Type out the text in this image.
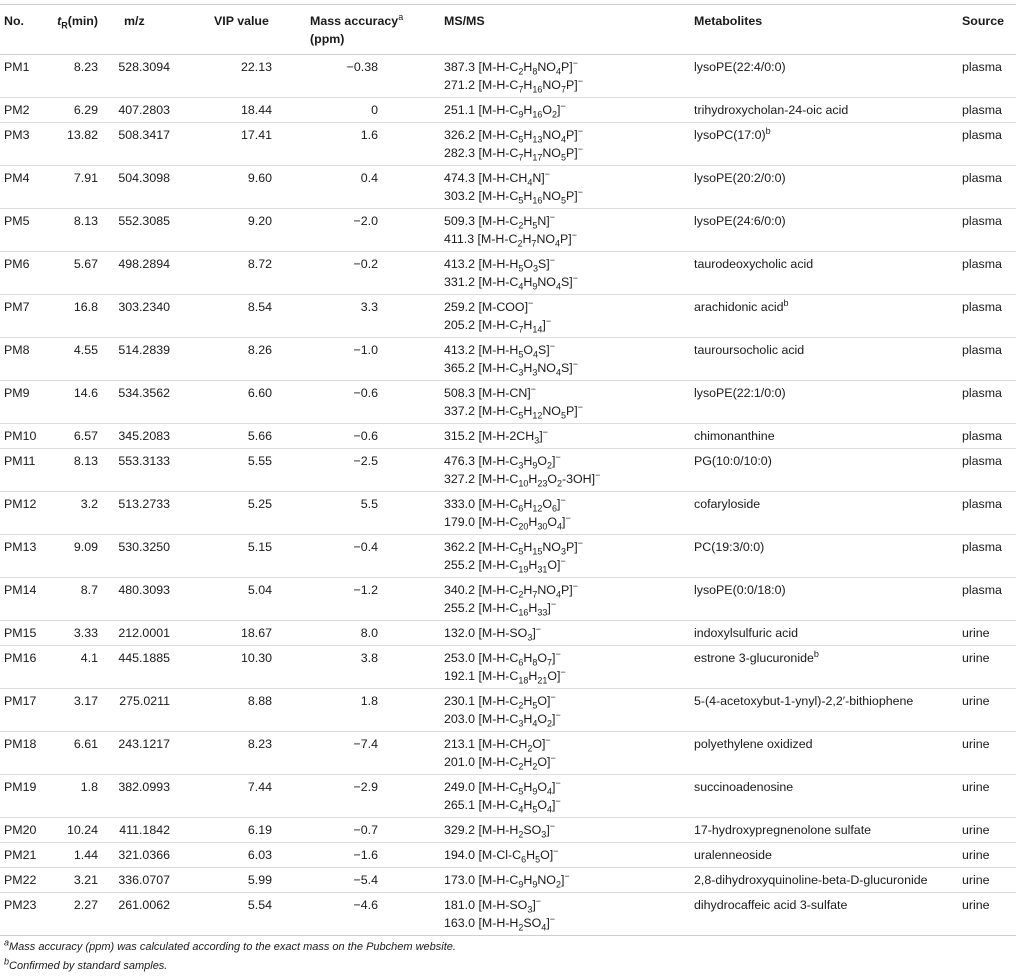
No.	$t_R(\min)$	m/z	VIP value	Mass accuracy$^a$
(ppm)	MS/MS	Metabolites	Source
PM1	8.23	528.3094	22.13	−0.38	387.3 $[M-H-C_2H_8NO_4P]^-$
271.2 $[M-H-C_7H_{16}NO_7P]^-$	lysoPE(22:4/0:0)	plasma
PM2	6.29	407.2803	18.44	0	251.1 $[M-H-C_9H_{16}O_2]^-$	trihydroxycholan-24-oic acid	plasma
PM3	13.82	508.3417	17.41	1.6	326.2 $[M-H-C_5H_{13}NO_4P]^-$
282.3 $[M-H-C_7H_{17}NO_5P]^-$	lysoPC(17:0)$^b$	plasma
PM4	7.91	504.3098	9.60	0.4	474.3 $[M-H-CH_4N]^-$
303.2 $[M-H-C_5H_{16}NO_5P]^-$	lysoPE(20:2/0:0)	plasma
PM5	8.13	552.3085	9.20	−2.0	509.3 $[M-H-C_2H_5N]^-$
411.3 $[M-H-C_2H_7NO_4P]^-$	lysoPE(24:6/0:0)	plasma
PM6	5.67	498.2894	8.72	−0.2	413.2 $[M-H-H_5O_3S]^-$
331.2 $[M-H-C_4H_9NO_4S]^-$	taurodeoxycholic acid	plasma
PM7	16.8	303.2340	8.54	3.3	259.2 [M-COO]−
205.2 $[M-H-C_7H_{14}]^-$	arachidonic acid$^b$	plasma
PM8	4.55	514.2839	8.26	−1.0	413.2 $[M-H-H_5O_4S]^-$
365.2 $[M-H-C_3H_3NO_4S]^-$	tauroursocholic acid	plasma
PM9	14.6	534.3562	6.60	−0.6	508.3 [M-H-CN]−
337.2 $[M-H-C_5H_{12}NO_5P]^-$	lysoPE(22:1/0:0)	plasma
PM10	6.57	345.2083	5.66	−0.6	315.2 $[M-H-2CH_3]^-$	chimonanthine	plasma
PM11	8.13	553.3133	5.55	−2.5	476.3 $[M-H-C_3H_9O_2]^-$
327.2 $[M-H-C_{10}H_{23}O_2-3OH]^-$	PG(10:0/10:0)	plasma
PM12	3.2	513.2733	5.25	5.5	333.0 $[M-H-C_6H_{12}O_6]^-$
179.0 $[M-H-C_{20}H_{30}O_4]^-$	cofaryloside	plasma
PM13	9.09	530.3250	5.15	−0.4	362.2 $[M-H-C_5H_{15}NO_3P]^-$
255.2 $[M-H-C_{19}H_{31}O]^-$	PC(19:3/0:0)	plasma
PM14	8.7	480.3093	5.04	−1.2	340.2 $[M-H-C_2H_7NO_4P]^-$
255.2 $[M-H-C_{16}H_{33}]^-$	lysoPE(0:0/18:0)	plasma
PM15	3.33	212.0001	18.67	8.0	132.0 $[M-H-SO_3]^-$	indoxylsulfuric acid	urine
PM16	4.1	445.1885	10.30	3.8	253.0 $[M-H-C_6H_8O_7]^-$
192.1 $[M-H-C_{18}H_{21}O]^-$	estrone 3-glucuronide$^b$	urine
PM17	3.17	275.0211	8.88	1.8	230.1 $[M-H-C_2H_5O]^-$
203.0 $[M-H-C_3H_4O_2]^-$	5-(4-acetoxybut-1-ynyl)-2,2′-bithiophene	urine
PM18	6.61	243.1217	8.23	−7.4	213.1 $[M-H-CH_2O]^-$
201.0 $[M-H-C_2H_2O]^-$	polyethylene oxidized	urine
PM19	1.8	382.0993	7.44	−2.9	249.0 $[M-H-C_5H_9O_4]^-$
265.1 $[M-H-C_4H_5O_4]^-$	succinoadenosine	urine
PM20	10.24	411.1842	6.19	−0.7	329.2 $[M-H-H_2SO_3]^-$	17-hydroxypregnenolone sulfate	urine
PM21	1.44	321.0366	6.03	−1.6	194.0 $[M-Cl-C_6H_5O]^-$	uralenneoside	urine
PM22	3.21	336.0707	5.99	−5.4	173.0 $[M-H-C_9H_9NO_2]^-$	2,8-dihydroxyquinoline-beta-D-glucuronide	urine
PM23	2.27	261.0062	5.54	−4.6	181.0 $[M-H-SO_3]^-$
163.0 $[M-H-H_2SO_4]^-$	dihydrocaffeic acid 3-sulfate	urine
$^a$Mass accuracy (ppm) was calculated according to the exact mass on the Pubchem website.
$^b$Confirmed by standard samples.
